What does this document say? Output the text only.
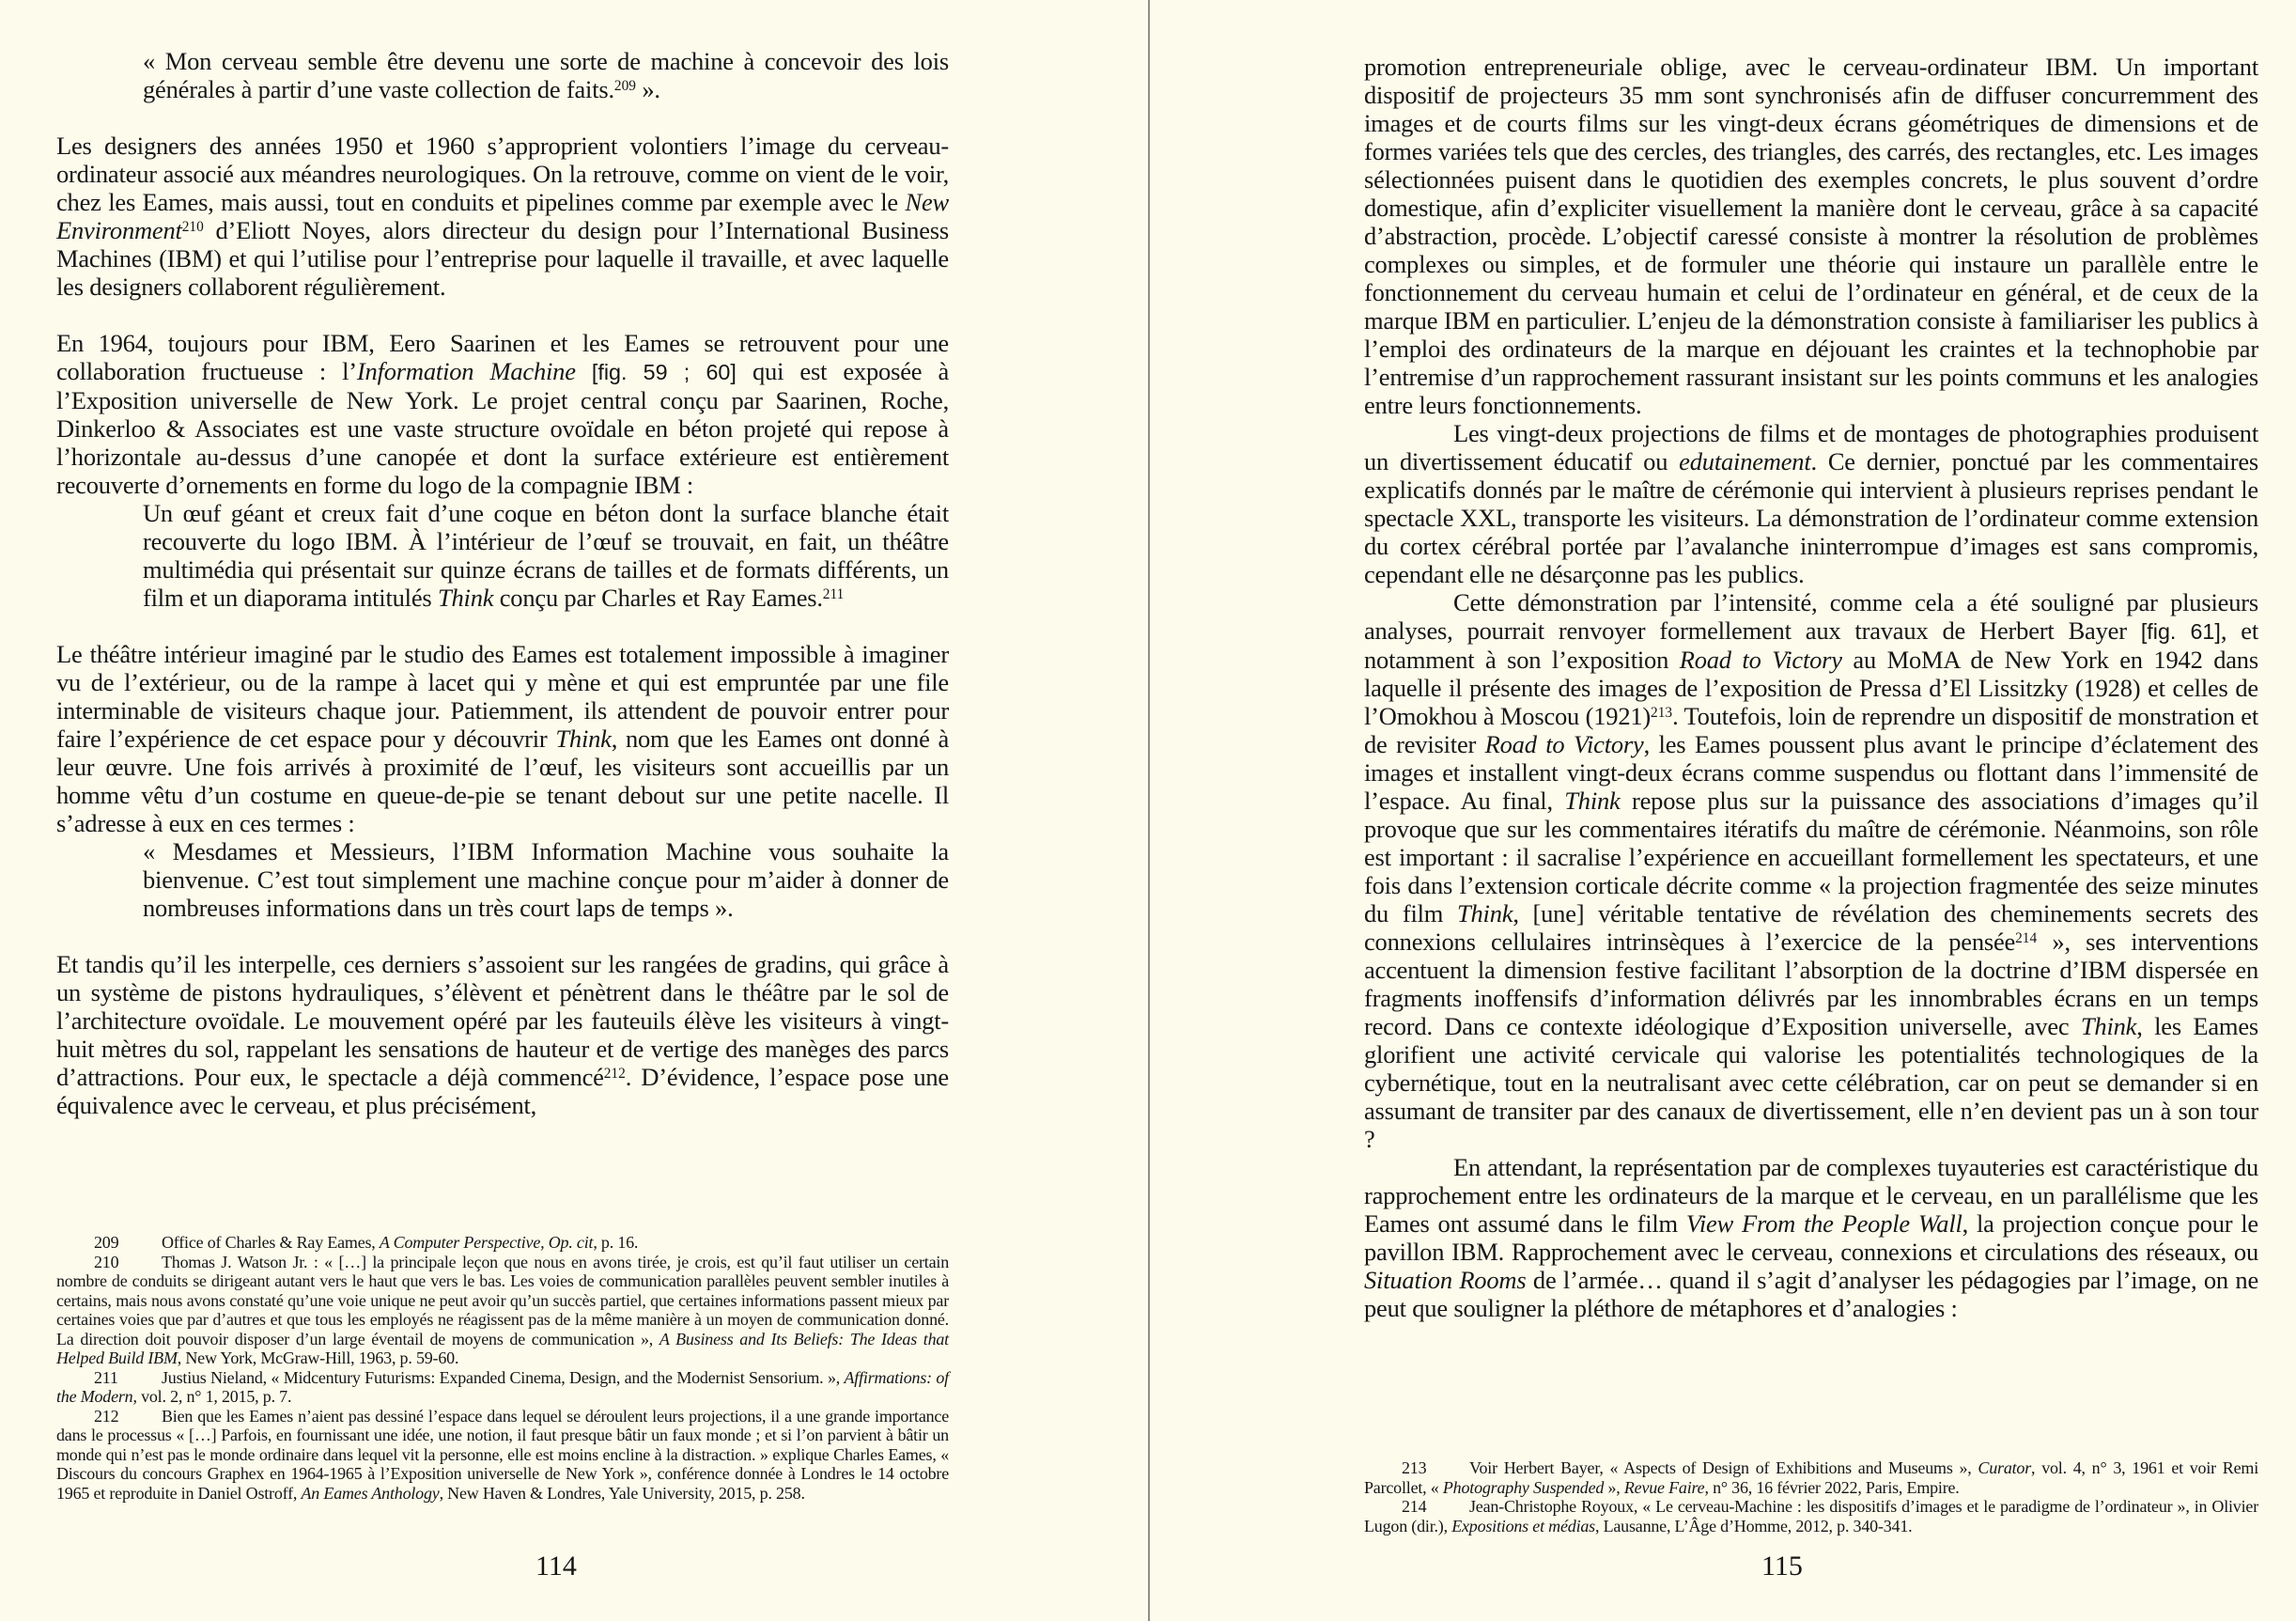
« Mon cerveau semble être devenu une sorte de machine à concevoir des lois générales à partir d’une vaste collection de faits.$^{209}$ ».

Les designers des années 1950 et 1960 s’approprient volontiers l’image du cerveau-ordinateur associé aux méandres neurologiques. On la retrouve, comme on vient de le voir, chez les Eames, mais aussi, tout en conduits et pipelines comme par exemple avec le New Environment$^{210}$ d’Eliott Noyes, alors directeur du design pour l’International Business Machines (IBM) et qui l’utilise pour l’entreprise pour laquelle il travaille, et avec laquelle les designers collaborent régulièrement.

En 1964, toujours pour IBM, Eero Saarinen et les Eames se retrouvent pour une collaboration fructueuse : l’Information Machine [fig. 59 ; 60] qui est exposée à l’Exposition universelle de New York. Le projet central conçu par Saarinen, Roche, Dinkerloo & Associates est une vaste structure ovoïdale en béton projeté qui repose à l’horizontale au-dessus d’une canopée et dont la surface extérieure est entièrement recouverte d’ornements en forme du logo de la compagnie IBM :

Un œuf géant et creux fait d’une coque en béton dont la surface blanche était recouverte du logo IBM. À l’intérieur de l’œuf se trouvait, en fait, un théâtre multimédia qui présentait sur quinze écrans de tailles et de formats différents, un film et un diaporama intitulés Think conçu par Charles et Ray Eames.$^{211}$

Le théâtre intérieur imaginé par le studio des Eames est totalement impossible à imaginer vu de l’extérieur, ou de la rampe à lacet qui y mène et qui est empruntée par une file interminable de visiteurs chaque jour. Patiemment, ils attendent de pouvoir entrer pour faire l’expérience de cet espace pour y découvrir Think, nom que les Eames ont donné à leur œuvre. Une fois arrivés à proximité de l’œuf, les visiteurs sont accueillis par un homme vêtu d’un costume en queue-de-pie se tenant debout sur une petite nacelle. Il s’adresse à eux en ces termes :

« Mesdames et Messieurs, l’IBM Information Machine vous souhaite la bienvenue. C’est tout simplement une machine conçue pour m’aider à donner de nombreuses informations dans un très court laps de temps ».

Et tandis qu’il les interpelle, ces derniers s’assoient sur les rangées de gradins, qui grâce à un système de pistons hydrauliques, s’élèvent et pénètrent dans le théâtre par le sol de l’architecture ovoïdale. Le mouvement opéré par les fauteuils élève les visiteurs à vingt-huit mètres du sol, rappelant les sensations de hauteur et de vertige des manèges des parcs d’attractions. Pour eux, le spectacle a déjà commencé$^{212}$. D’évidence, l’espace pose une équivalence avec le cerveau, et plus précisément,

209	Office of Charles & Ray Eames, A Computer Perspective, Op. cit, p. 16.

210	Thomas J. Watson Jr. : « […] la principale leçon que nous en avons tirée, je crois, est qu’il faut utiliser un certain nombre de conduits se dirigeant autant vers le haut que vers le bas. Les voies de communication parallèles peuvent sembler inutiles à certains, mais nous avons constaté qu’une voie unique ne peut avoir qu’un succès partiel, que certaines informations passent mieux par certaines voies que par d’autres et que tous les employés ne réagissent pas de la même manière à un moyen de communication donné. La direction doit pouvoir disposer d’un large éventail de moyens de communication », A Business and Its Beliefs: The Ideas that Helped Build IBM, New York, McGraw-Hill, 1963, p. 59-60.

211	Justius Nieland, « Midcentury Futurisms: Expanded Cinema, Design, and the Modernist Sensorium. », Affirmations: of the Modern, vol. 2, n° 1, 2015, p. 7.

212	Bien que les Eames n’aient pas dessiné l’espace dans lequel se déroulent leurs projections, il a une grande importance dans le processus « […] Parfois, en fournissant une idée, une notion, il faut presque bâtir un faux monde ; et si l’on parvient à bâtir un monde qui n’est pas le monde ordinaire dans lequel vit la personne, elle est moins encline à la distraction. » explique Charles Eames, « Discours du concours Graphex en 1964-1965 à l’Exposition universelle de New York », conférence donnée à Londres le 14 octobre 1965 et reproduite in Daniel Ostroff, An Eames Anthology, New Haven & Londres, Yale University, 2015, p. 258.

114

promotion entrepreneuriale oblige, avec le cerveau-ordinateur IBM. Un important dispositif de projecteurs 35 mm sont synchronisés afin de diffuser concurremment des images et de courts films sur les vingt-deux écrans géométriques de dimensions et de formes variées tels que des cercles, des triangles, des carrés, des rectangles, etc. Les images sélectionnées puisent dans le quotidien des exemples concrets, le plus souvent d’ordre domestique, afin d’expliciter visuellement la manière dont le cerveau, grâce à sa capacité d’abstraction, procède. L’objectif caressé consiste à montrer la résolution de problèmes complexes ou simples, et de formuler une théorie qui instaure un parallèle entre le fonctionnement du cerveau humain et celui de l’ordinateur en général, et de ceux de la marque IBM en particulier. L’enjeu de la démonstration consiste à familiariser les publics à l’emploi des ordinateurs de la marque en déjouant les craintes et la technophobie par l’entremise d’un rapprochement rassurant insistant sur les points communs et les analogies entre leurs fonctionnements.

Les vingt-deux projections de films et de montages de photographies produisent un divertissement éducatif ou edutainement. Ce dernier, ponctué par les commentaires explicatifs donnés par le maître de cérémonie qui intervient à plusieurs reprises pendant le spectacle XXL, transporte les visiteurs. La démonstration de l’ordinateur comme extension du cortex cérébral portée par l’avalanche ininterrompue d’images est sans compromis, cependant elle ne désarçonne pas les publics.

Cette démonstration par l’intensité, comme cela a été souligné par plusieurs analyses, pourrait renvoyer formellement aux travaux de Herbert Bayer [fig. 61], et notamment à son l’exposition Road to Victory au MoMA de New York en 1942 dans laquelle il présente des images de l’exposition de Pressa d’El Lissitzky (1928) et celles de l’Omokhou à Moscou $(1921)^{213}$. Toutefois, loin de reprendre un dispositif de monstration et de revisiter Road to Victory, les Eames poussent plus avant le principe d’éclatement des images et installent vingt-deux écrans comme suspendus ou flottant dans l’immensité de l’espace. Au final, Think repose plus sur la puissance des associations d’images qu’il provoque que sur les commentaires itératifs du maître de cérémonie. Néanmoins, son rôle est important : il sacralise l’expérience en accueillant formellement les spectateurs, et une fois dans l’extension corticale décrite comme « la projection fragmentée des seize minutes du film Think, [une] véritable tentative de révélation des cheminements secrets des connexions cellulaires intrinsèques à l’exercice de la pensée$^{214}$ », ses interventions accentuent la dimension festive facilitant l’absorption de la doctrine d’IBM dispersée en fragments inoffensifs d’information délivrés par les innombrables écrans en un temps record. Dans ce contexte idéologique d’Exposition universelle, avec Think, les Eames glorifient une activité cervicale qui valorise les potentialités technologiques de la cybernétique, tout en la neutralisant avec cette célébration, car on peut se demander si en assumant de transiter par des canaux de divertissement, elle n’en devient pas un à son tour ?

En attendant, la représentation par de complexes tuyauteries est caractéristique du rapprochement entre les ordinateurs de la marque et le cerveau, en un parallélisme que les Eames ont assumé dans le film View From the People Wall, la projection conçue pour le pavillon IBM. Rapprochement avec le cerveau, connexions et circulations des réseaux, ou Situation Rooms de l’armée… quand il s’agit d’analyser les pédagogies par l’image, on ne peut que souligner la pléthore de métaphores et d’analogies :

213	Voir Herbert Bayer, « Aspects of Design of Exhibitions and Museums », Curator, vol. 4, n° 3, 1961 et voir Remi Parcollet, « Photography Suspended », Revue Faire, n° 36, 16 février 2022, Paris, Empire.

214	Jean-Christophe Royoux, « Le cerveau-Machine : les dispositifs d’images et le paradigme de l’ordinateur », in Olivier Lugon (dir.), Expositions et médias, Lausanne, L’Âge d’Homme, 2012, p. 340-341.

115
